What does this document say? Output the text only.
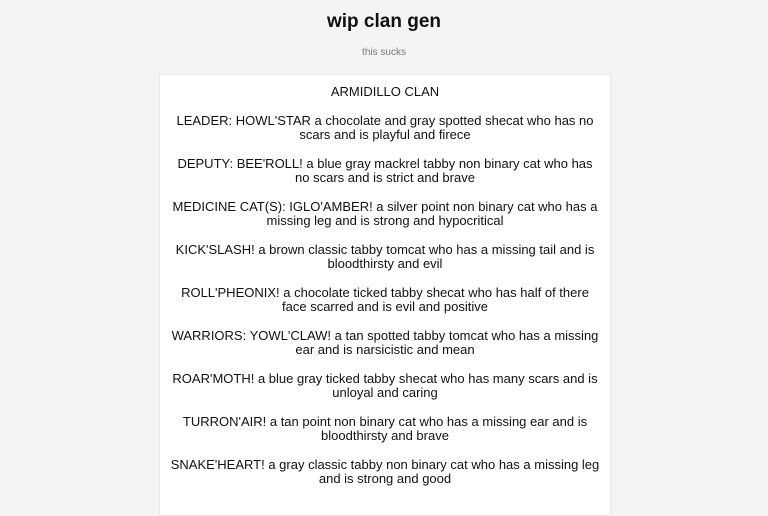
wip clan gen
this sucks

ARMIDILLO CLAN

LEADER: HOWL'STAR a chocolate and gray spotted shecat who has no scars and is playful and firece

DEPUTY: BEE'ROLL! a blue gray mackrel tabby non binary cat who has no scars and is strict and brave

MEDICINE CAT(S): IGLO'AMBER! a silver point non binary cat who has a missing leg and is strong and hypocritical

KICK'SLASH! a brown classic tabby tomcat who has a missing tail and is bloodthirsty and evil

ROLL'PHEONIX! a chocolate ticked tabby shecat who has half of there face scarred and is evil and positive

WARRIORS: YOWL'CLAW! a tan spotted tabby tomcat who has a missing ear and is narsicistic and mean

ROAR'MOTH! a blue gray ticked tabby shecat who has many scars and is unloyal and caring

TURRON'AIR! a tan point non binary cat who has a missing ear and is bloodthirsty and brave

SNAKE'HEART! a gray classic tabby non binary cat who has a missing leg and is strong and good
